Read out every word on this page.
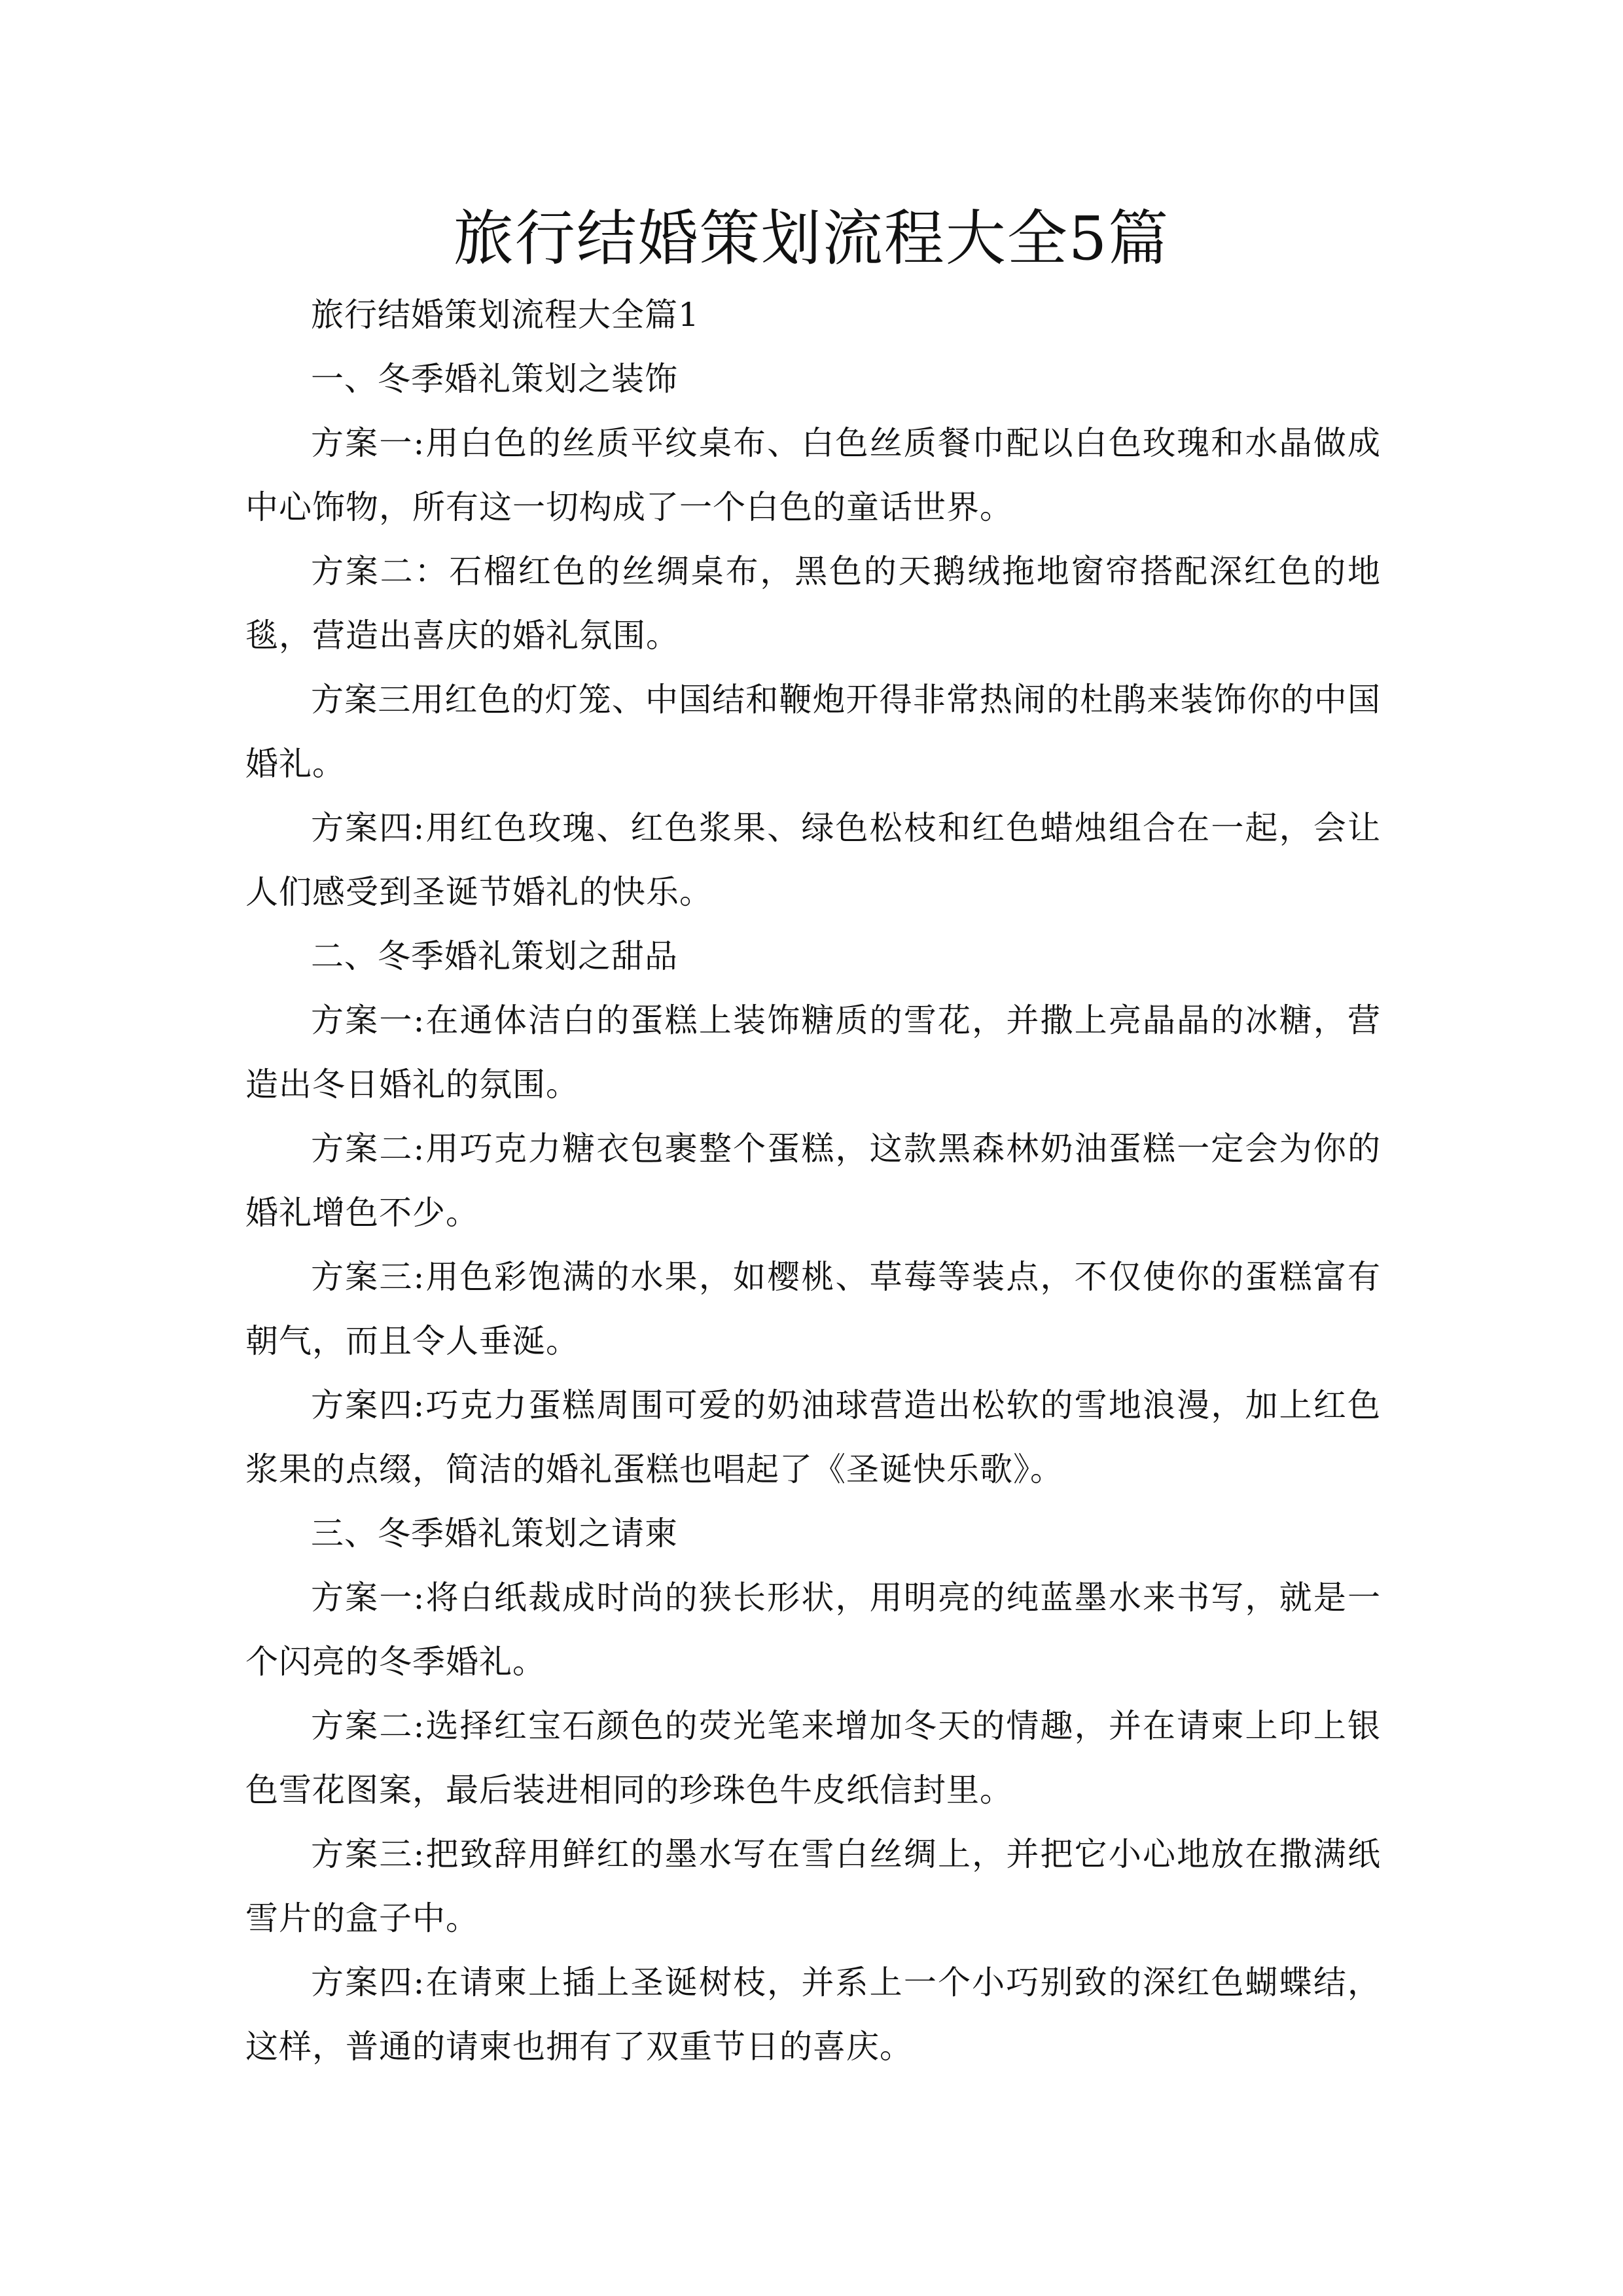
旅行结婚策划流程大全5篇

旅行结婚策划流程大全篇1

一、冬季婚礼策划之装饰

方案一:用白色的丝质平纹桌布、白色丝质餐巾配以白色玫瑰和水晶做成中心饰物，所有这一切构成了一个白色的童话世界。

方案二：石榴红色的丝绸桌布，黑色的天鹅绒拖地窗帘搭配深红色的地毯，营造出喜庆的婚礼氛围。

方案三用红色的灯笼、中国结和鞭炮开得非常热闹的杜鹃来装饰你的中国婚礼。

方案四:用红色玫瑰、红色浆果、绿色松枝和红色蜡烛组合在一起，会让人们感受到圣诞节婚礼的快乐。

二、冬季婚礼策划之甜品

方案一:在通体洁白的蛋糕上装饰糖质的雪花，并撒上亮晶晶的冰糖，营造出冬日婚礼的氛围。

方案二:用巧克力糖衣包裹整个蛋糕，这款黑森林奶油蛋糕一定会为你的婚礼增色不少。

方案三:用色彩饱满的水果，如樱桃、草莓等装点，不仅使你的蛋糕富有朝气，而且令人垂涎。

方案四:巧克力蛋糕周围可爱的奶油球营造出松软的雪地浪漫，加上红色浆果的点缀，简洁的婚礼蛋糕也唱起了《圣诞快乐歌》。

三、冬季婚礼策划之请柬

方案一:将白纸裁成时尚的狭长形状，用明亮的纯蓝墨水来书写，就是一个闪亮的冬季婚礼。

方案二:选择红宝石颜色的荧光笔来增加冬天的情趣，并在请柬上印上银色雪花图案，最后装进相同的珍珠色牛皮纸信封里。

方案三:把致辞用鲜红的墨水写在雪白丝绸上，并把它小心地放在撒满纸雪片的盒子中。

方案四:在请柬上插上圣诞树枝，并系上一个小巧别致的深红色蝴蝶结，这样，普通的请柬也拥有了双重节日的喜庆。
